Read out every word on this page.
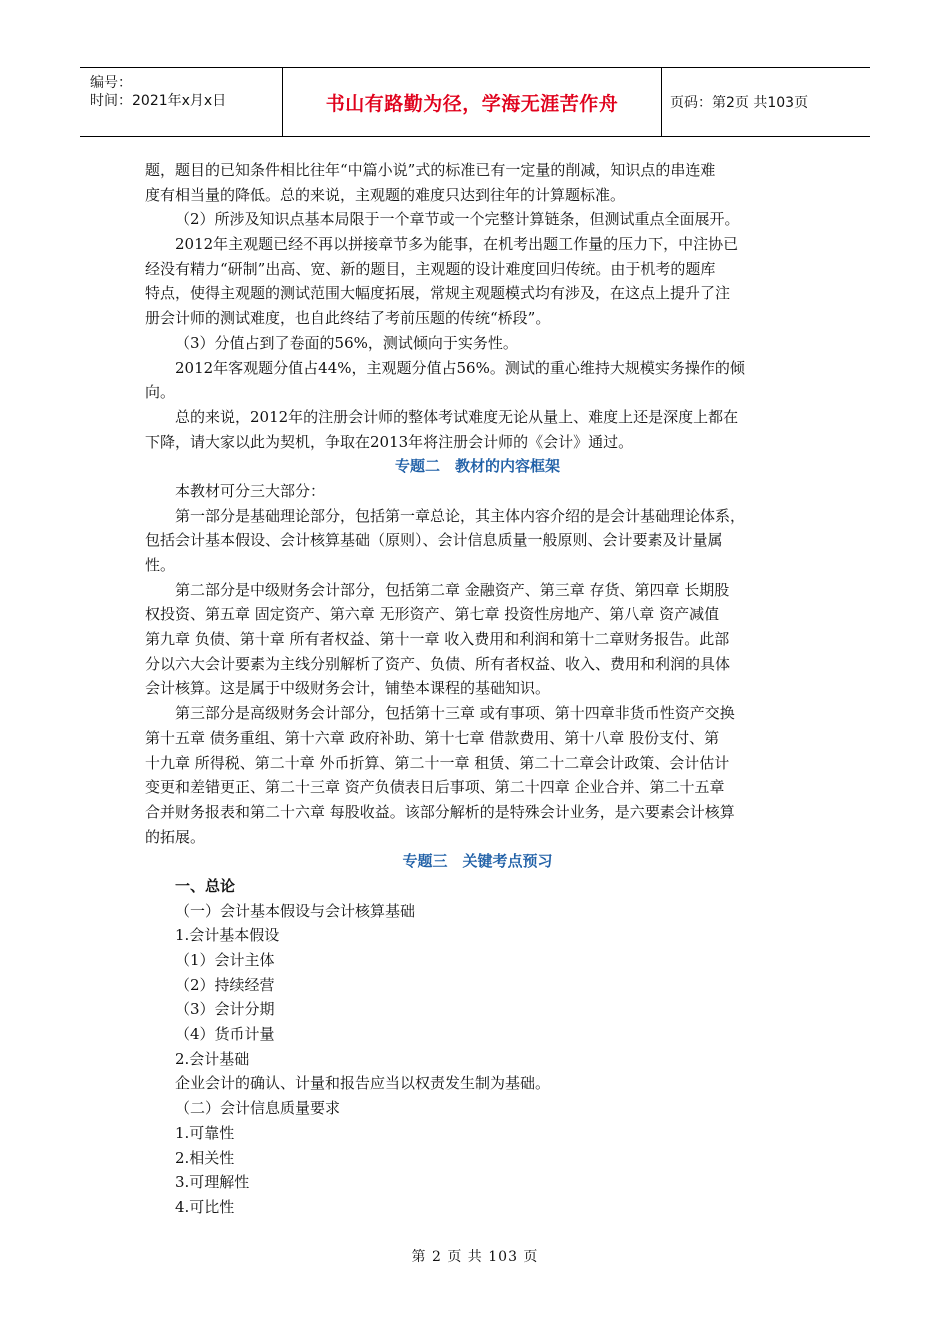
编号：
时间：2021年x月x日	书山有路勤为径，学海无涯苦作舟	页码：第2页 共103页
题，题目的已知条件相比往年“中篇小说”式的标准已有一定量的削减，知识点的串连难
度有相当量的降低。总的来说，主观题的难度只达到往年的计算题标准。
（2）所涉及知识点基本局限于一个章节或一个完整计算链条，但测试重点全面展开。
2012年主观题已经不再以拼接章节多为能事，在机考出题工作量的压力下，中注协已
经没有精力“研制”出高、宽、新的题目，主观题的设计难度回归传统。由于机考的题库
特点，使得主观题的测试范围大幅度拓展，常规主观题模式均有涉及，在这点上提升了注
册会计师的测试难度，也自此终结了考前压题的传统“桥段”。
（3）分值占到了卷面的56%，测试倾向于实务性。
2012年客观题分值占44%，主观题分值占56%。测试的重心维持大规模实务操作的倾
向。
总的来说，2012年的注册会计师的整体考试难度无论从量上、难度上还是深度上都在
下降，请大家以此为契机，争取在2013年将注册会计师的《会计》通过。
专题二　教材的内容框架
本教材可分三大部分：
第一部分是基础理论部分，包括第一章总论，其主体内容介绍的是会计基础理论体系，
包括会计基本假设、会计核算基础（原则）、会计信息质量一般原则、会计要素及计量属
性。
第二部分是中级财务会计部分，包括第二章 金融资产、第三章 存货、第四章 长期股
权投资、第五章 固定资产、第六章 无形资产、第七章 投资性房地产、第八章 资产减值
第九章 负债、第十章 所有者权益、第十一章 收入费用和利润和第十二章财务报告。此部
分以六大会计要素为主线分别解析了资产、负债、所有者权益、收入、费用和利润的具体
会计核算。这是属于中级财务会计，铺垫本课程的基础知识。
第三部分是高级财务会计部分，包括第十三章 或有事项、第十四章非货币性资产交换
第十五章 债务重组、第十六章 政府补助、第十七章 借款费用、第十八章 股份支付、第
十九章 所得税、第二十章 外币折算、第二十一章 租赁、第二十二章会计政策、会计估计
变更和差错更正、第二十三章 资产负债表日后事项、第二十四章 企业合并、第二十五章
合并财务报表和第二十六章 每股收益。该部分解析的是特殊会计业务，是六要素会计核算
的拓展。
专题三　关键考点预习
一、总论
（一）会计基本假设与会计核算基础
1.会计基本假设
（1）会计主体
（2）持续经营
（3）会计分期
（4）货币计量
2.会计基础
企业会计的确认、计量和报告应当以权责发生制为基础。
（二）会计信息质量要求
1.可靠性
2.相关性
3.可理解性
4.可比性
第 2 页 共 103 页
